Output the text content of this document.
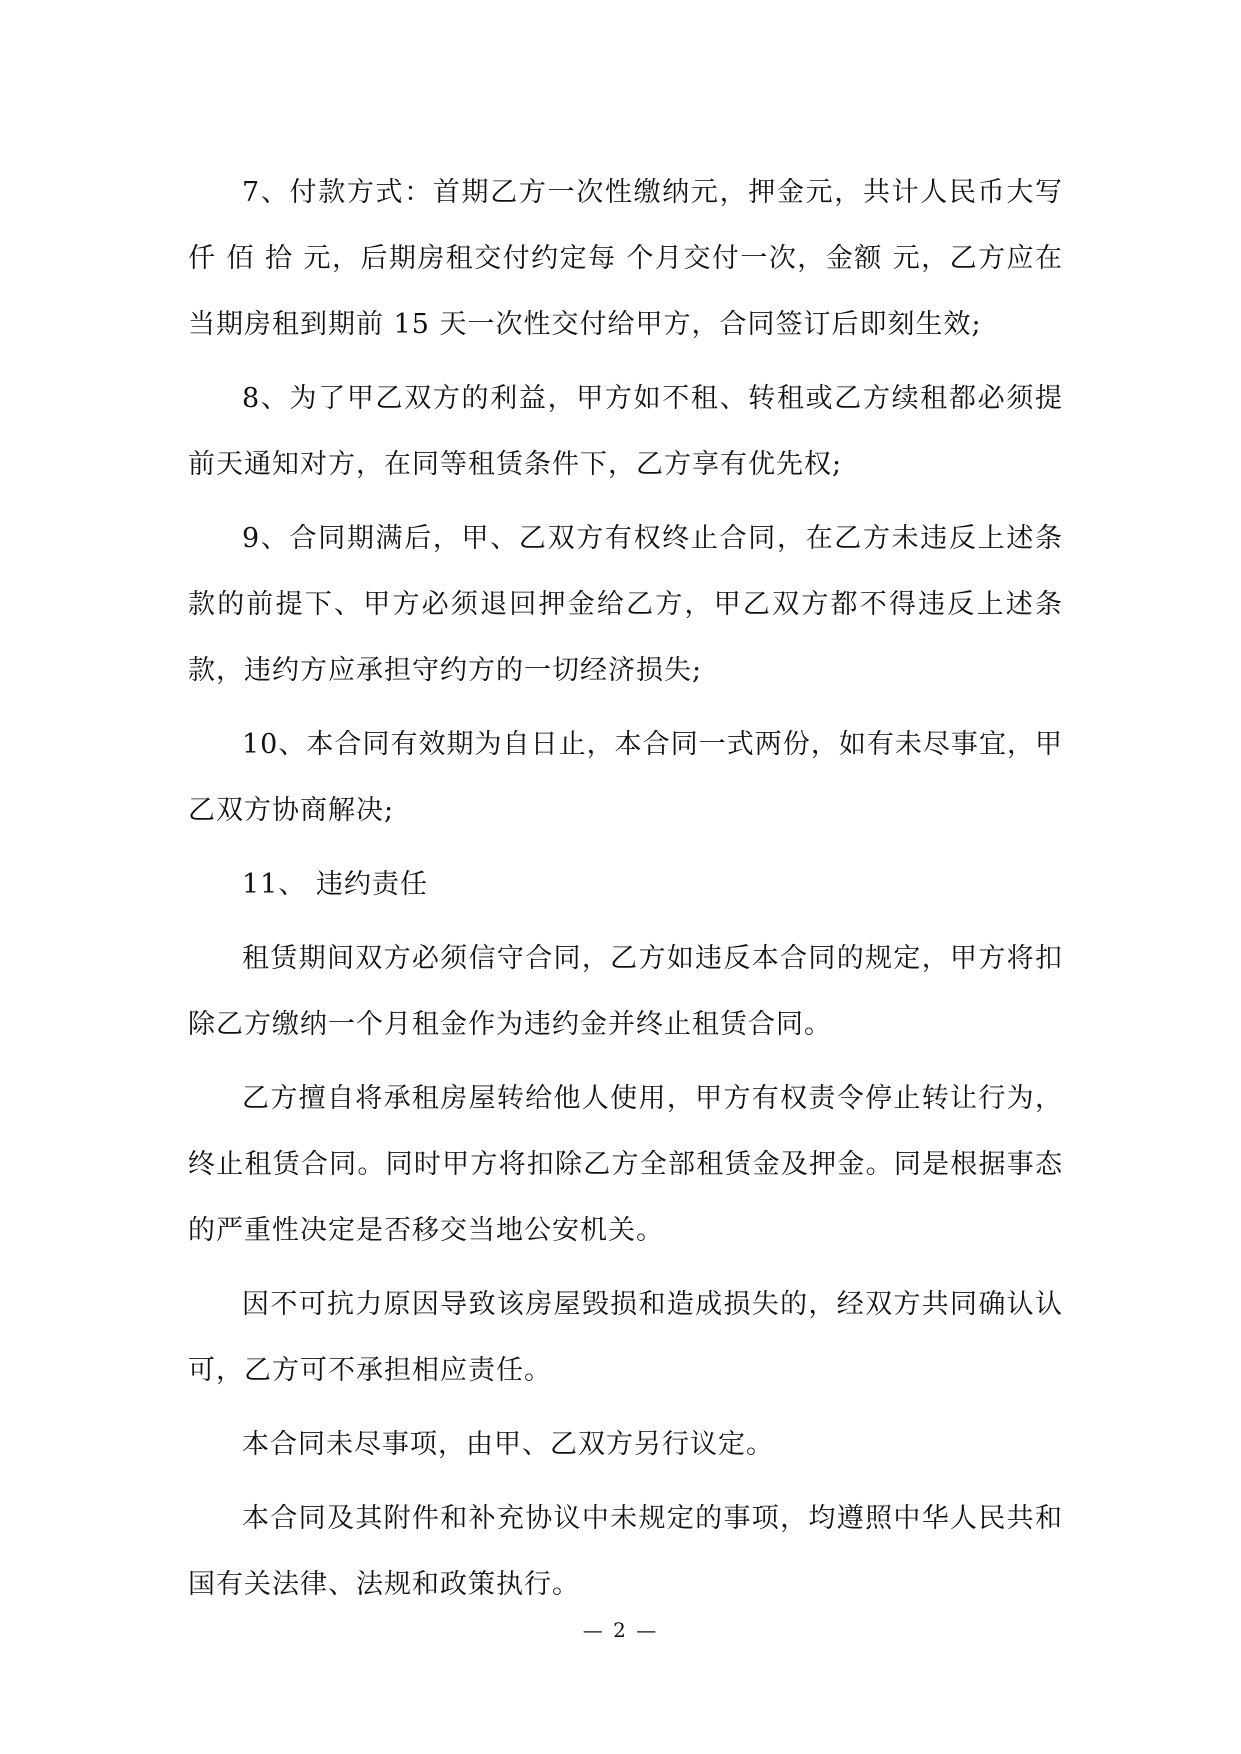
7、付款方式：首期乙方一次性缴纳元，押金元，共计人民币大写 仟 佰 拾 元，后期房租交付约定每 个月交付一次，金额 元，乙方应在当期房租到期前 15 天一次性交付给甲方，合同签订后即刻生效;

8、为了甲乙双方的利益，甲方如不租、转租或乙方续租都必须提前天通知对方，在同等租赁条件下，乙方享有优先权;

9、合同期满后，甲、乙双方有权终止合同，在乙方未违反上述条款的前提下、甲方必须退回押金给乙方，甲乙双方都不得违反上述条款，违约方应承担守约方的一切经济损失;

10、本合同有效期为自日止，本合同一式两份，如有未尽事宜，甲乙双方协商解决;

11、 违约责任

租赁期间双方必须信守合同，乙方如违反本合同的规定，甲方将扣除乙方缴纳一个月租金作为违约金并终止租赁合同。

乙方擅自将承租房屋转给他人使用，甲方有权责令停止转让行为，终止租赁合同。同时甲方将扣除乙方全部租赁金及押金。同是根据事态的严重性决定是否移交当地公安机关。

因不可抗力原因导致该房屋毁损和造成损失的，经双方共同确认认可，乙方可不承担相应责任。

本合同未尽事项，由甲、乙双方另行议定。

本合同及其附件和补充协议中未规定的事项，均遵照中华人民共和国有关法律、法规和政策执行。

— 2 —
